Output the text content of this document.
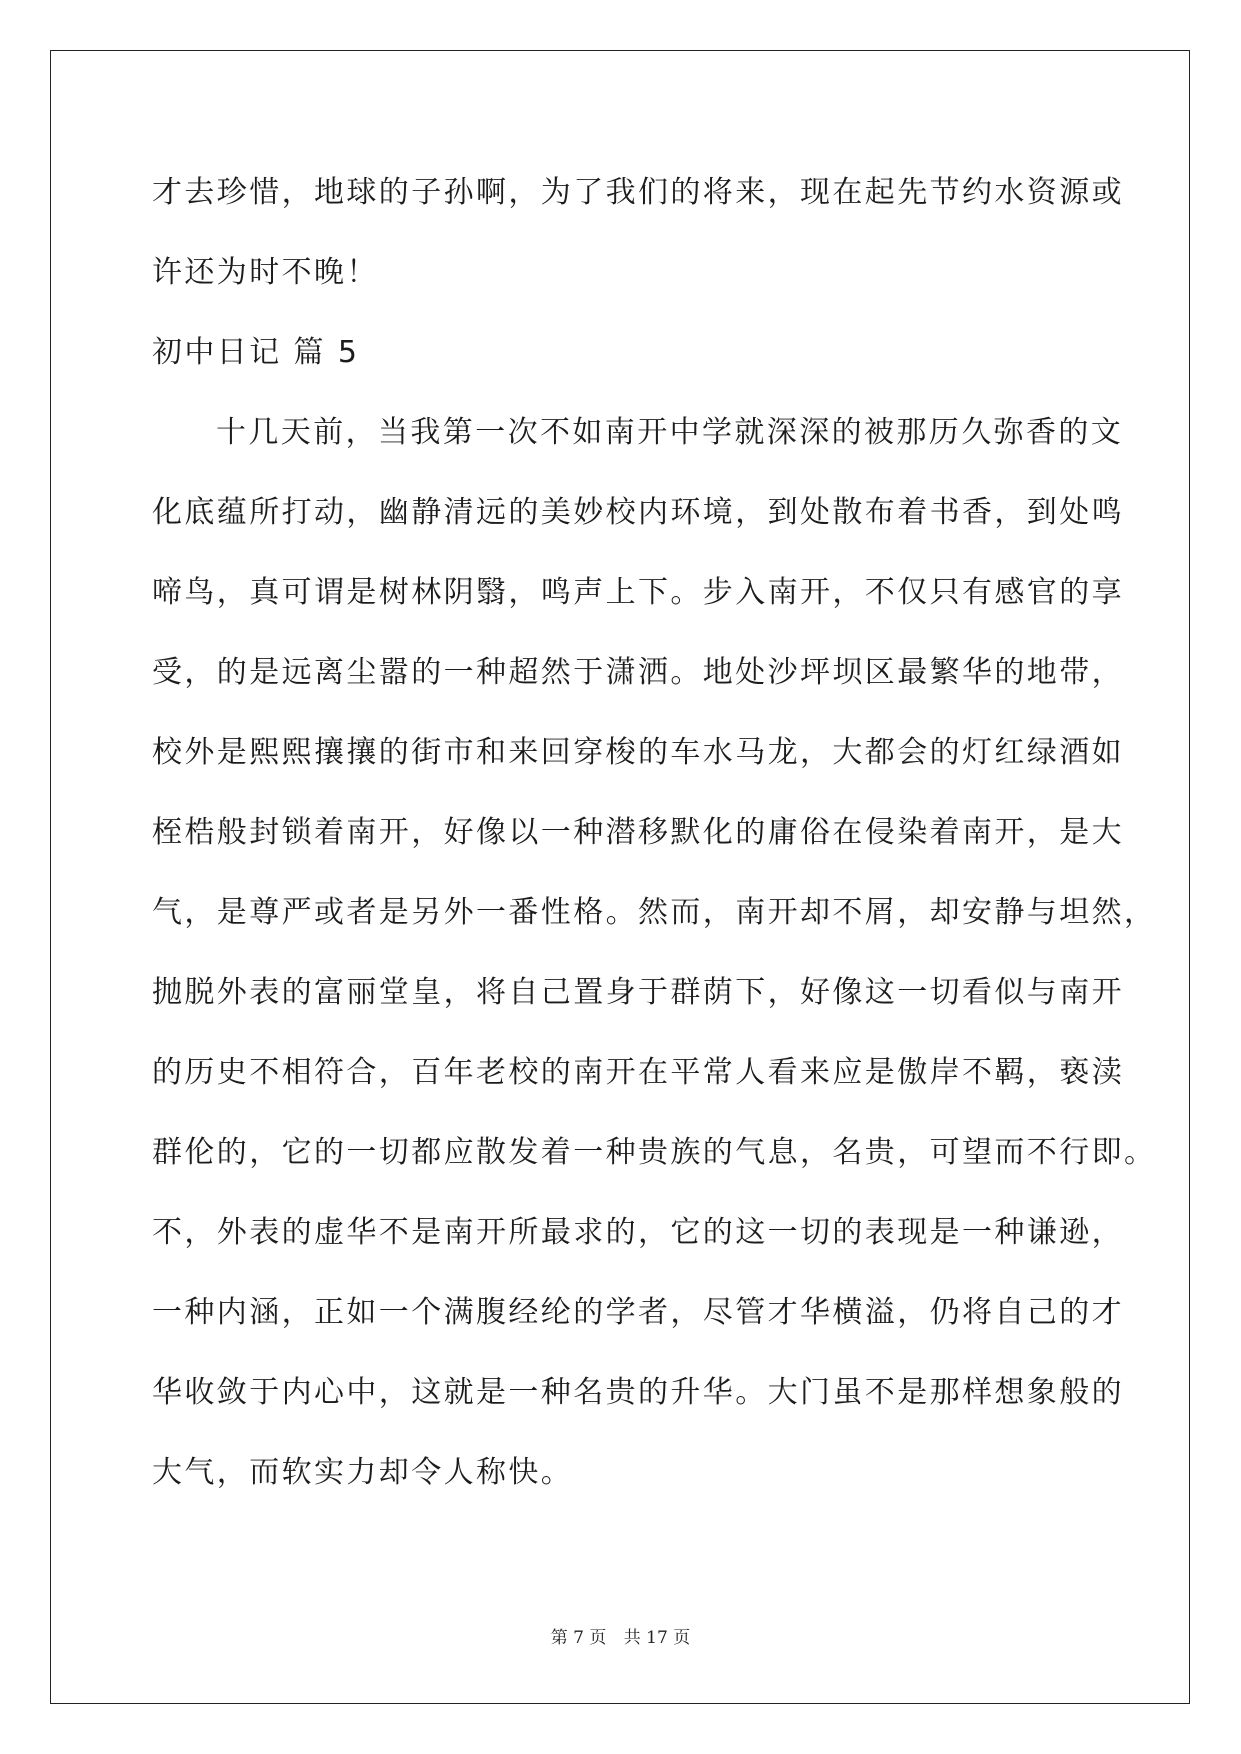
才去珍惜，地球的子孙啊，为了我们的将来，现在起先节约水资源或
许还为时不晚！
初中日记 篇 5
十几天前，当我第一次不如南开中学就深深的被那历久弥香的文
化底蕴所打动，幽静清远的美妙校内环境，到处散布着书香，到处鸣
啼鸟，真可谓是树林阴翳，鸣声上下。步入南开，不仅只有感官的享
受，的是远离尘嚣的一种超然于潇洒。地处沙坪坝区最繁华的地带，
校外是熙熙攘攘的街市和来回穿梭的车水马龙，大都会的灯红绿酒如
桎梏般封锁着南开，好像以一种潜移默化的庸俗在侵染着南开，是大
气，是尊严或者是另外一番性格。然而，南开却不屑，却安静与坦然，
抛脱外表的富丽堂皇，将自己置身于群荫下，好像这一切看似与南开
的历史不相符合，百年老校的南开在平常人看来应是傲岸不羁，亵渎
群伦的，它的一切都应散发着一种贵族的气息，名贵，可望而不行即。
不，外表的虚华不是南开所最求的，它的这一切的表现是一种谦逊，
一种内涵，正如一个满腹经纶的学者，尽管才华横溢，仍将自己的才
华收敛于内心中，这就是一种名贵的升华。大门虽不是那样想象般的
大气，而软实力却令人称快。
第 7 页 共 17 页
